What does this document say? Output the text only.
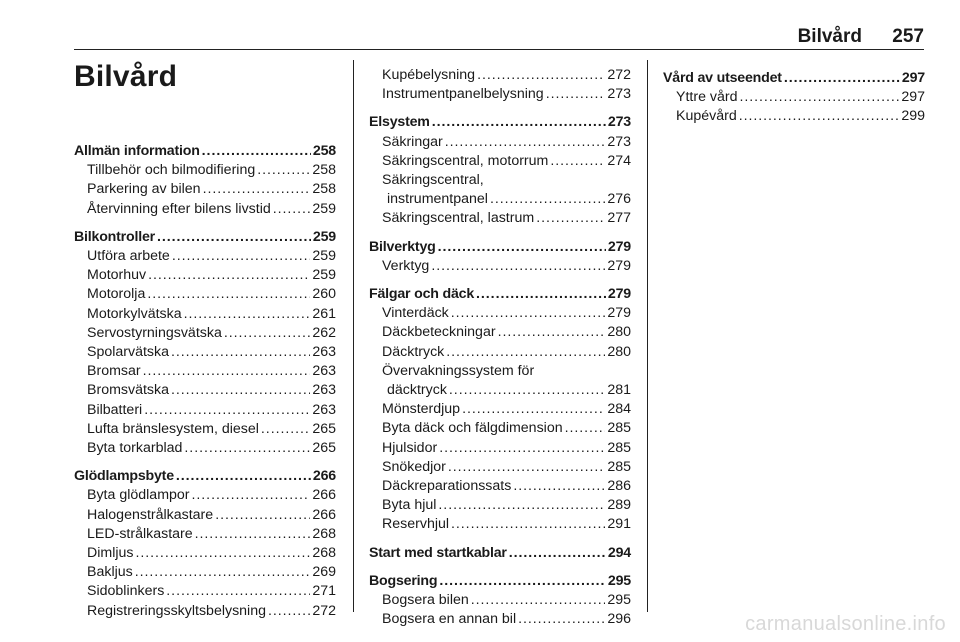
Bilvård 257
Bilvård
Allmän information . . .	258
Tillbehör och bilmodifiering . . .	258
Parkering av bilen . . .	258
Återvinning efter bilens livstid . . .	259
Bilkontroller . . .	259
Utföra arbete . . .	259
Motorhuv . . .	259
Motorolja . . .	260
Motorkylvätska . . .	261
Servostyrningsvätska . . .	262
Spolarvätska . . .	263
Bromsar . . .	263
Bromsvätska . . .	263
Bilbatteri . . .	263
Lufta bränslesystem, diesel . . .	265
Byta torkarblad . . .	265
Glödlampsbyte . . .	266
Byta glödlampor . . .	266
Halogenstrålkastare . . .	266
LED-strålkastare . . .	268
Dimljus . . .	268
Bakljus . . .	269
Sidoblinkers . . .	271
Registreringsskyltsbelysning . . .	272
Kupébelysning . . .	272
Instrumentpanelbelysning . . .	273
Elsystem . . .	273
Säkringar . . .	273
Säkringscentral, motorrum . . .	274
Säkringscentral,
instrumentpanel . . .	276
Säkringscentral, lastrum . . .	277
Bilverktyg . . .	279
Verktyg . . .	279
Fälgar och däck . . .	279
Vinterdäck . . .	279
Däckbeteckningar . . .	280
Däcktryck . . .	280
Övervakningssystem för
däcktryck . . .	281
Mönsterdjup . . .	284
Byta däck och fälgdimension . . .	285
Hjulsidor . . .	285
Snökedjor . . .	285
Däckreparationssats . . .	286
Byta hjul . . .	289
Reservhjul . . .	291
Start med startkablar . . .	294
Bogsering . . .	295
Bogsera bilen . . .	295
Bogsera en annan bil . . .	296
Vård av utseendet . . .	297
Yttre vård . . .	297
Kupévård . . .	299
carmanualsonline.info
